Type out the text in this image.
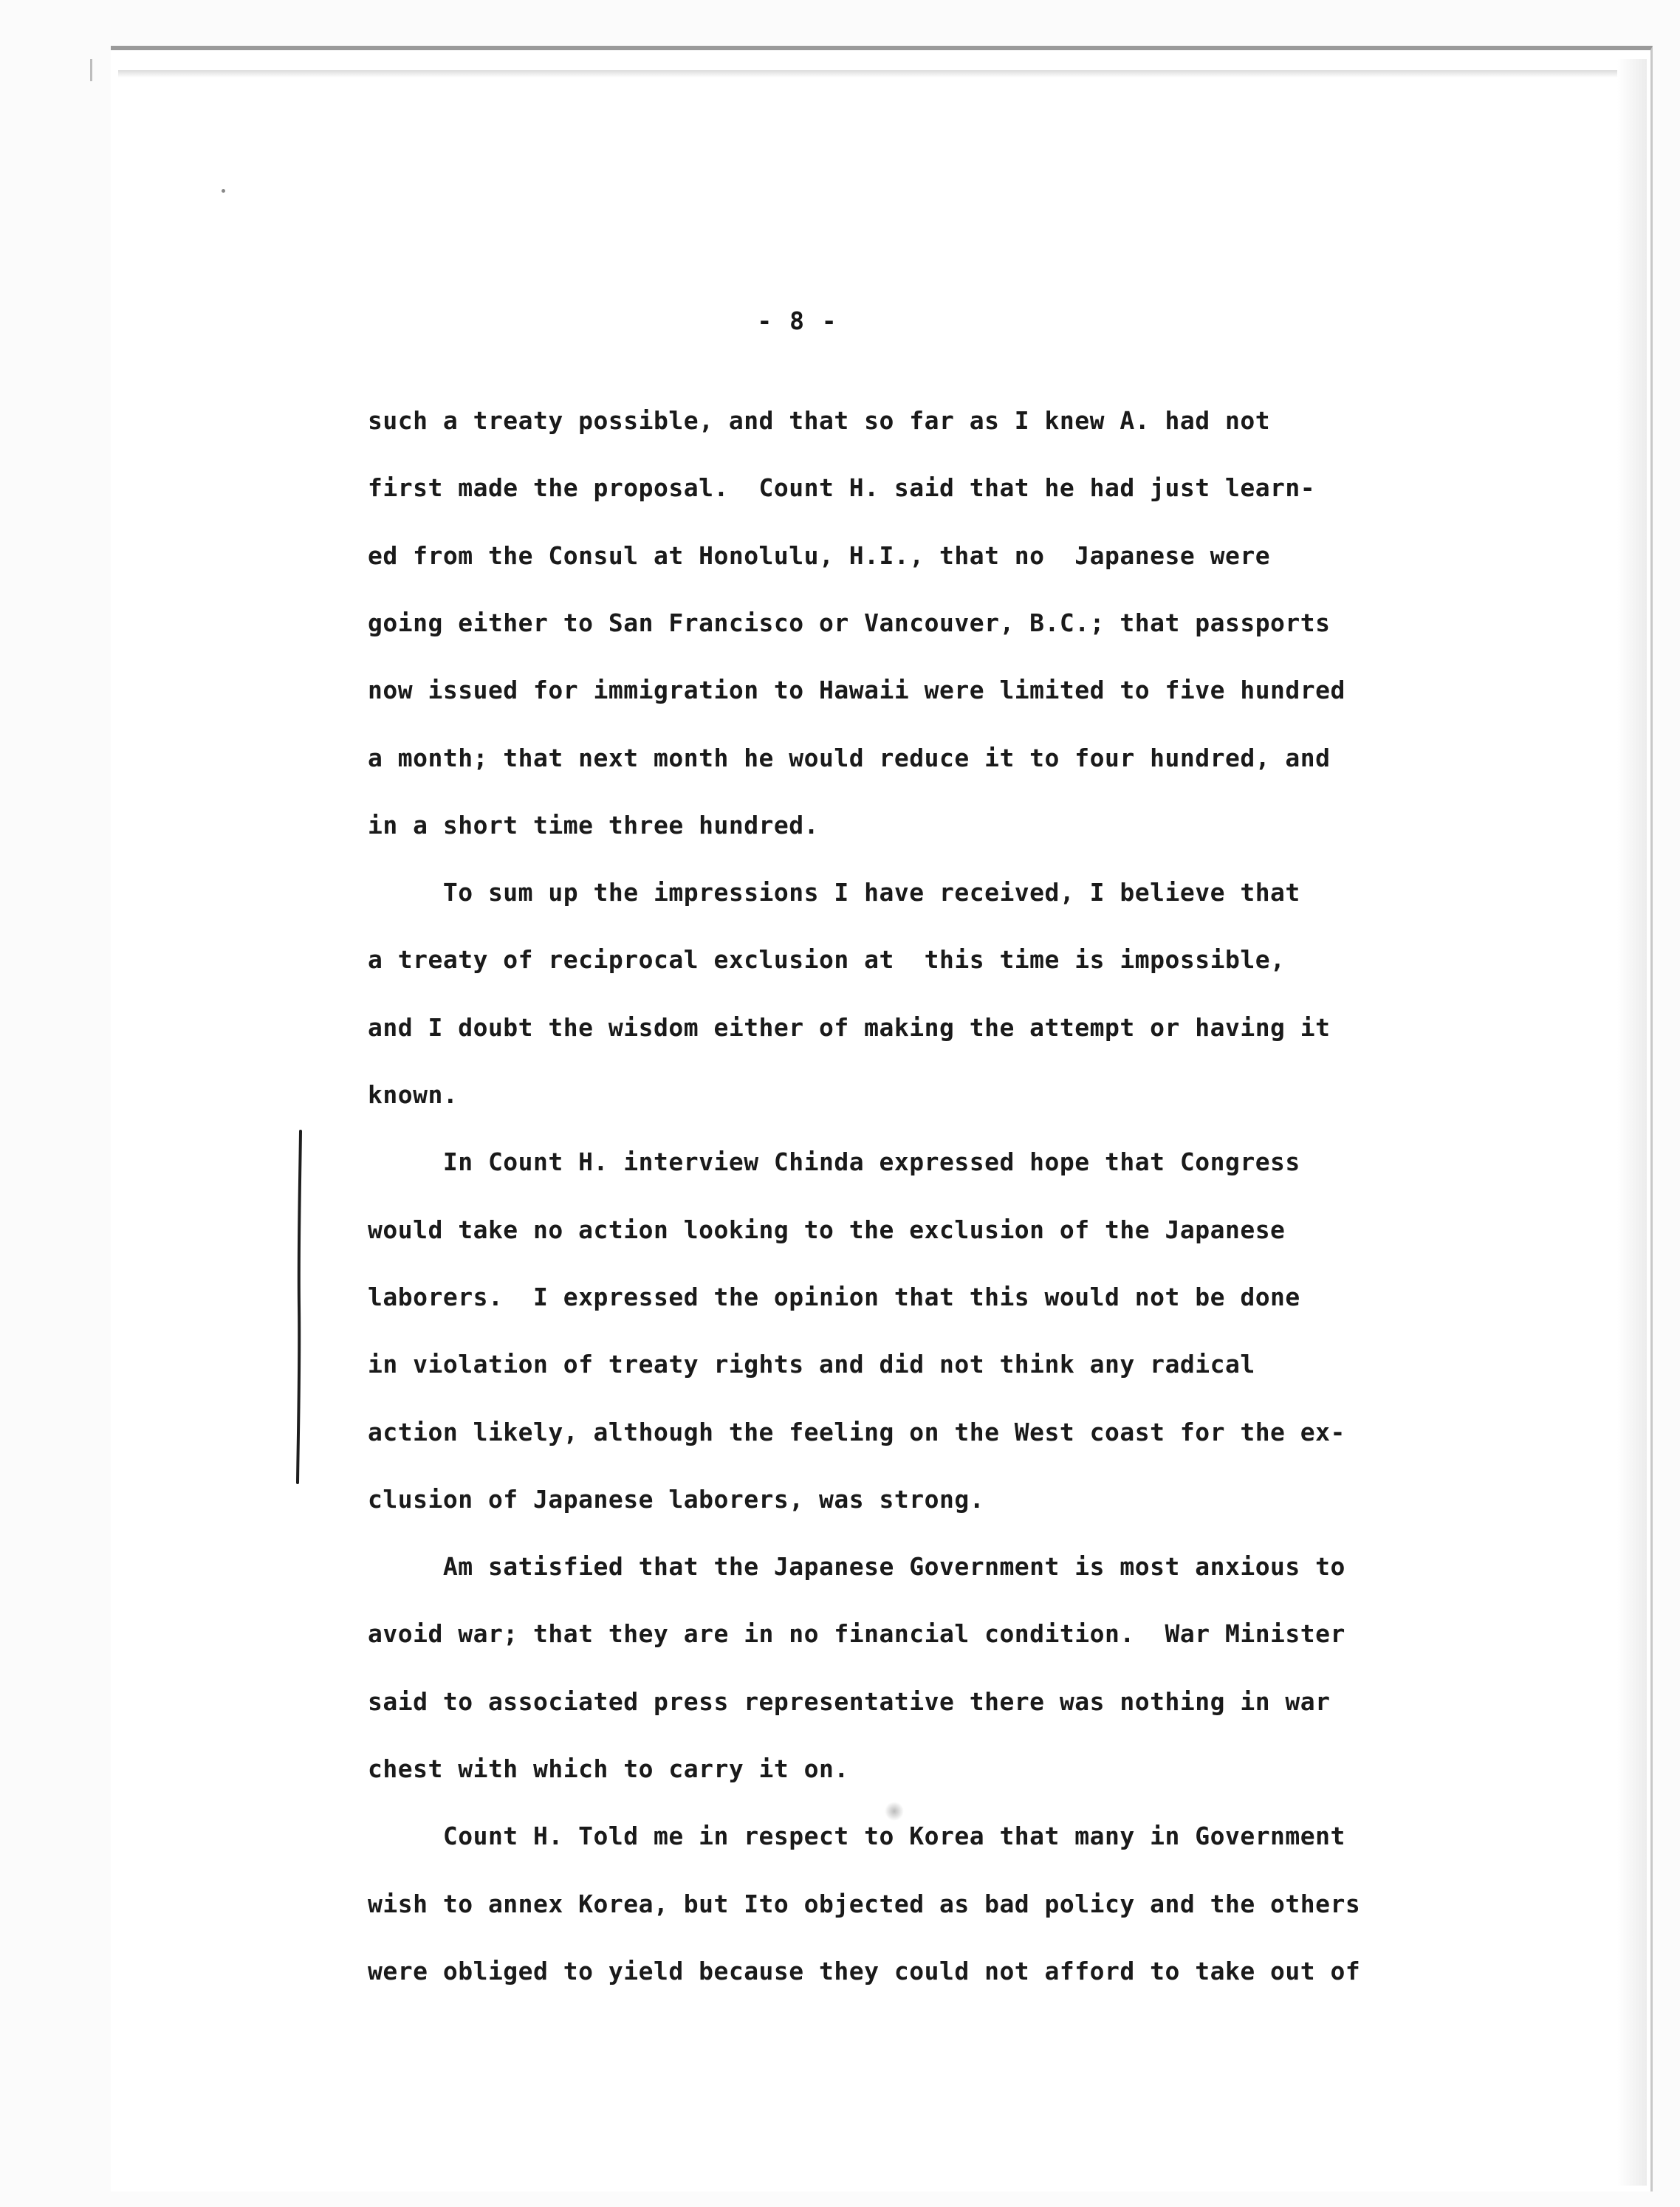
- 8 -
such a treaty possible, and that so far as I knew A. had not
first made the proposal.  Count H. said that he had just learn-
ed from the Consul at Honolulu, H.I., that no  Japanese were
going either to San Francisco or Vancouver, B.C.; that passports
now issued for immigration to Hawaii were limited to five hundred
a month; that next month he would reduce it to four hundred, and
in a short time three hundred.
To sum up the impressions I have received, I believe that
a treaty of reciprocal exclusion at  this time is impossible,
and I doubt the wisdom either of making the attempt or having it
known.
In Count H. interview Chinda expressed hope that Congress
would take no action looking to the exclusion of the Japanese
laborers.  I expressed the opinion that this would not be done
in violation of treaty rights and did not think any radical
action likely, although the feeling on the West coast for the ex-
clusion of Japanese laborers, was strong.
Am satisfied that the Japanese Government is most anxious to
avoid war; that they are in no financial condition.  War Minister
said to associated press representative there was nothing in war
chest with which to carry it on.
Count H. Told me in respect to Korea that many in Government
wish to annex Korea, but Ito objected as bad policy and the others
were obliged to yield because they could not afford to take out of
